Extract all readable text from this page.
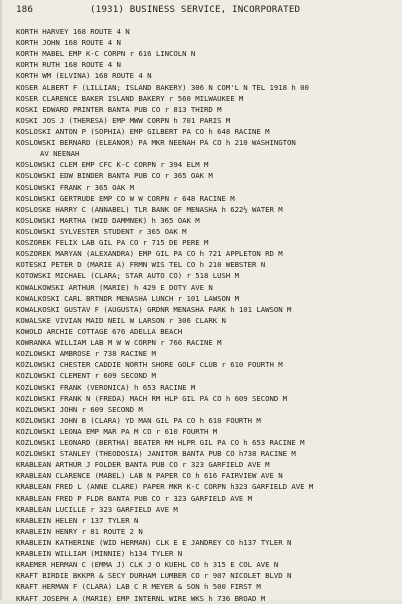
186	(1931) BUSINESS SERVICE, INCORPORATED
KORTH HARVEY 168 ROUTE 4 N
KORTH JOHN 168 ROUTE 4 N
KORTH MABEL EMP K-C CORPN r 616 LINCOLN N
KORTH RUTH 168 ROUTE 4 N
KORTH WM (ELVINA) 168 ROUTE 4 N
KOSER ALBERT F (LILLIAN; ISLAND BAKERY) 306 N COM'L N TEL 1918 h 00
KOSER CLARENCE BAKER ISLAND BAKERY r 560 MILWAUKEE M
KOSKI EDWARD PRINTER BANTA PUB CO r 813 THIRD M
KOSKI JOS J (THERESA) EMP MWW CORPN h 701 PARIS M
KOSLOSKI ANTON P (SOPHIA) EMP GILBERT PA CO h 648 RACINE M
KOSLOWSKI BERNARD (ELEANOR) PA MKR NEENAH PA CO h 210 WASHINGTON
AV NEENAH
KOSLOWSKI CLEM EMP CFC K-C CORPN r 394 ELM M
KOSLOWSKI EDW BINDER BANTA PUB CO r 365 OAK M
KOSLOWSKI FRANK r 365 OAK M
KOSLOWSKI GERTRUDE EMP CO W W CORPN r 648 RACINE M
KOSLOSKE HARRY C (ANNABEL) TLR BANK OF MENASHA h 622½ WATER M
KOSLOWSKI MARTHA (WID DAMMNEK) h 365 OAK M
KOSLOWSKI SYLVESTER STUDENT r 365 OAK M
KOSZOREK FELIX LAB GIL PA CO r 715 DE PERE M
KOSZOREK MARYAN (ALEXANDRA) EMP GIL PA CO h 721 APPLETON RD M
KOTESKI PETER D (MARIE A) FRMN WIS TEL CO h 210 WEBSTER N
KOTOWSKI MICHAEL (CLARA; STAR AUTO CO) r 518 LUSH M
KOWALKOWSKI ARTHUR (MARIE) h 429 E DOTY AVE N
KOWALKOSKI CARL BRTNDR MENASHA LUNCH r 101 LAWSON M
KOWALKOSKI GUSTAV F (AUGUSTA) GRDNR MENASHA PARK h 101 LAWSON M
KOWALSKE VIVIAN MAID NEIL W LARSON r 306 CLARK N
KOWOLD ARCHIE COTTAGE 676 ADELLA BEACH
KOWRANKA WILLIAM LAB M W W CORPN r 766 RACINE M
KOZLOWSKI AMBROSE r 738 RACINE M
KOZLOWSKI CHESTER CADDIE NORTH SHORE GOLF CLUB r 610 FOURTH M
KOZLOWSKI CLEMENT r 609 SECOND M
KOZLOWSKI FRANK (VERONICA) h 653 RACINE M
KOZLOWSKI FRANK N (FREDA) MACH RM HLP GIL PA CO h 609 SECOND M
KOZLOWSKI JOHN r 609 SECOND M
KOZLOWSKI JOHN B (CLARA) YD MAN GIL PA CO h 610 FOURTH M
KOZLOWSKI LEONA EMP MAR PA M CO r 610 FOURTH M
KOZLOWSKI LEONARD (BERTHA) BEATER RM HLPR GIL PA CO h 653 RACINE M
KOZLOWSKI STANLEY (THEODOSIA) JANITOR BANTA PUB CO h738 RACINE M
KRABLEAN ARTHUR J FOLDER BANTA PUB CO r 323 GARFIELD AVE M
KRABLEAN CLARENCE (MABEL) LAB N PAPER CO h 616 FAIRVIEW AVE N
KRABLEAN FRED L (ANNE CLARE) PAPER MKR K-C CORPN h323 GARFIELD AVE M
KRABLEAN FRED P FLDR BANTA PUB CO r 323 GARFIELD AVE M
KRABLEAN LUCILLE r 323 GARFIELD AVE M
KRABLEIN HELEN r 137 TYLER N
KRABLEIN HENRY r 81 ROUTE 2 N
KRABLEIN KATHERINE (WID HERMAN) CLK E E JANDREY CO h137 TYLER N
KRABLEIN WILLIAM (MINNIE) h134 TYLER N
KRAEMER HERMAN C (EMMA J) CLK J O KUEHL CO h 315 E COL AVE N
KRAFT BIRDIE BKKPR & SECY DURHAM LUMBER CO r 907 NICOLET BLVD N
KRAFT HERMAN F (CLARA) LAB C R MEYER & SON h 500 FIRST M
KRAFT JOSEPH A (MARIE) EMP INTERNL WIRE WKS h 736 BROAD M
